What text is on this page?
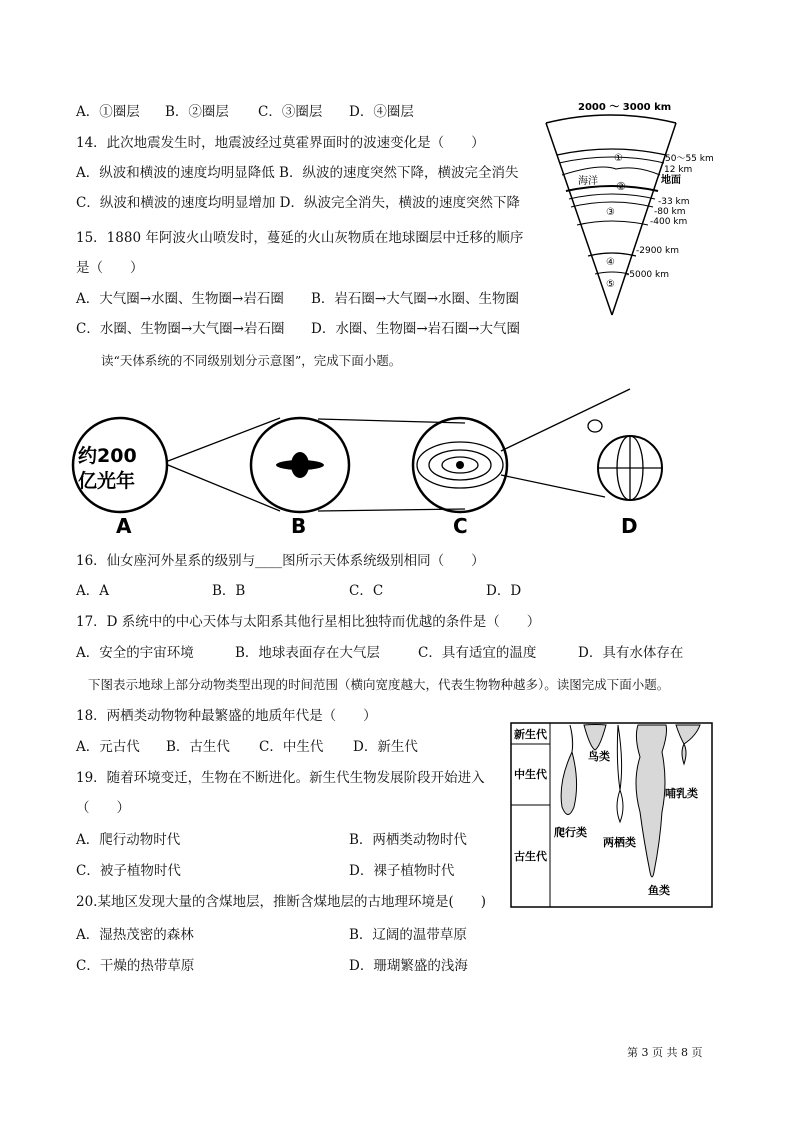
A．①圈层 B．②圈层 C．③圈层 D．④圈层
14．此次地震发生时，地震波经过莫霍界面时的波速变化是（　　）
A．纵波和横波的速度均明显降低 B．纵波的速度突然下降，横波完全消失
C．纵波和横波的速度均明显增加 D．纵波完全消失，横波的速度突然下降
15．1880 年阿波火山喷发时，蔓延的火山灰物质在地球圈层中迁移的顺序
是（　　）
A．大气圈→水圈、生物圈→岩石圈 B．岩石圈→大气圈→水圈、生物圈
C．水圈、生物圈→大气圈→岩石圈 D．水圈、生物圈→岩石圈→大气圈
读“天体系统的不同级别划分示意图”，完成下面小题。
2000 ～ 3000 km
①
②
③
④
⑤
海洋
50～55 km
12 km
地面
-33 km
-80 km
-400 km
-2900 km
-5000 km
约200
亿光年
A	B	C	D
16．仙女座河外星系的级别与____图所示天体系统级别相同（　　）
A．A	B．B	C．C	D．D
17．D 系统中的中心天体与太阳系其他行星相比独特而优越的条件是（　　）
A．安全的宇宙环境	B．地球表面存在大气层	C．具有适宜的温度	D．具有水体存在
下图表示地球上部分动物类型出现的时间范围（横向宽度越大，代表生物物种越多）。读图完成下面小题。
18．两栖类动物物种最繁盛的地质年代是（　　）
A．元古代 B．古生代 C．中生代 D．新生代
19．随着环境变迁，生物在不断进化。新生代生物发展阶段开始进入
（　　）
A．爬行动物时代	B．两栖类动物时代
C．被子植物时代	D．裸子植物时代
20.某地区发现大量的含煤地层，推断含煤地层的古地理环境是(　　)
A．湿热茂密的森林	B．辽阔的温带草原
C．干燥的热带草原	D．珊瑚繁盛的浅海
新生代
中生代
古生代
鸟类
哺乳类
爬行类
两栖类
鱼类
第 3 页 共 8 页
